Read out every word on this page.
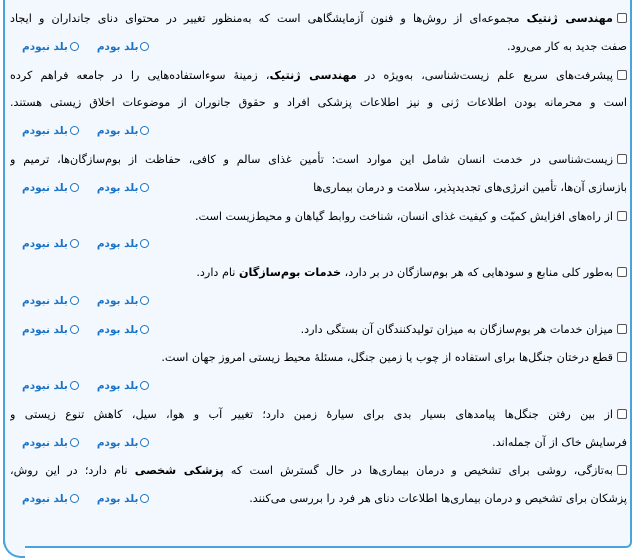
مهندسی ژنتیک مجموعه‌ای از روش‌ها و فنون آزمایشگاهی است که به‌منظور تغییر در محتوای دنای جانداران و ایجاد
صفت جدید به کار می‌رود.
بلد بودمبلد نبودم
پیشرفت‌های سریع علم زیست‌شناسی، به‌ویژه در مهندسی ژنتیک، زمینهٔ سوءاستفاده‌هایی را در جامعه فراهم کرده
است و محرمانه بودن اطلاعات ژنی و نیز اطلاعات پزشکی افراد و حقوق جانوران از موضوعات اخلاق زیستی هستند.
بلد بودمبلد نبودم
زیست‌شناسی در خدمت انسان شامل این موارد است: تأمین غذای سالم و کافی، حفاظت از بوم‌سازگان‌ها، ترمیم و
بازسازی آن‌ها، تأمین انرژی‌های تجدیدپذیر، سلامت و درمان بیماری‌ها
بلد بودمبلد نبودم
از راه‌های افزایش کمیّت و کیفیت غذای انسان، شناخت روابط گیاهان و محیط‌زیست است.
بلد بودمبلد نبودم
به‌طور کلی منابع و سودهایی که هر بوم‌سازگان در بر دارد، خدمات بوم‌سازگان نام دارد.
بلد بودمبلد نبودم
میزان خدمات هر بوم‌سازگان به میزان تولیدکنندگان آن بستگی دارد.
بلد بودمبلد نبودم
قطع درختان جنگل‌ها برای استفاده از چوب یا زمین جنگل، مسئلهٔ محیط زیستی امروز جهان است.
بلد بودمبلد نبودم
از بین رفتن جنگل‌ها پیامدهای بسیار بدی برای سیارهٔ زمین دارد؛ تغییر آب و هوا، سیل، کاهش تنوع زیستی و
فرسایش خاک از آن جمله‌اند.
بلد بودمبلد نبودم
به‌تازگی، روشی برای تشخیص و درمان بیماری‌ها در حال گسترش است که پزشکی شخصی نام دارد؛ در این روش،
پزشکان برای تشخیص و درمان بیماری‌ها اطلاعات دنای هر فرد را بررسی می‌کنند.
بلد بودمبلد نبودم
